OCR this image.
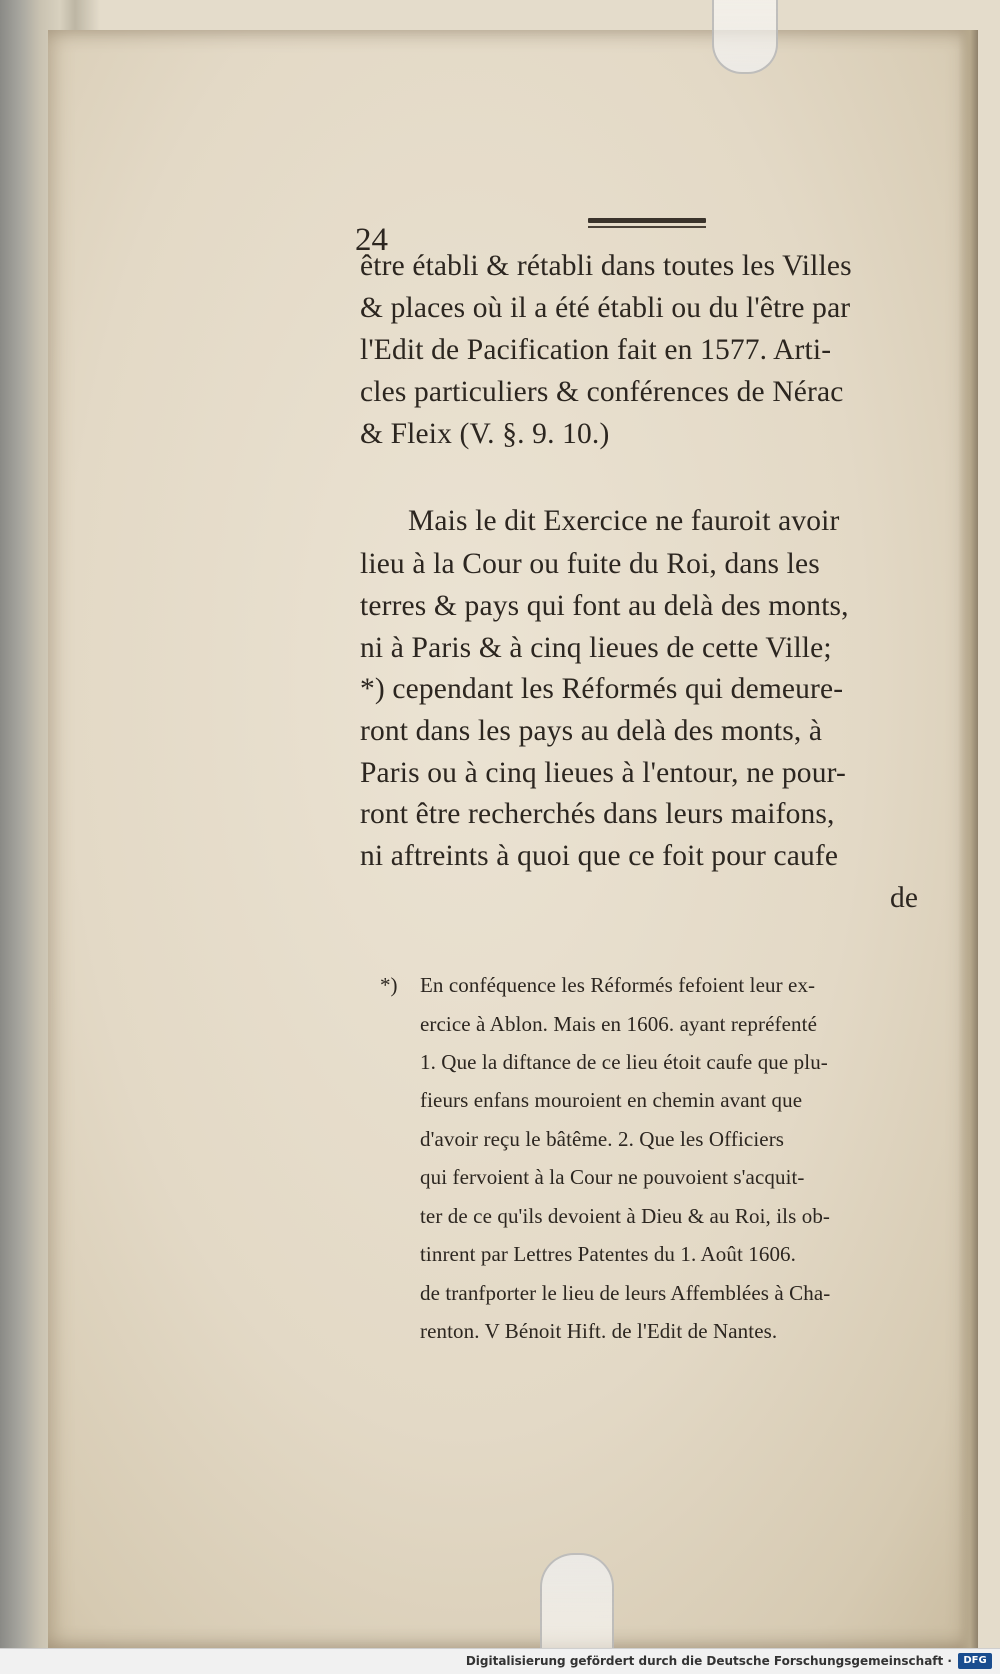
24
être établi & rétabli dans toutes les Villes
& places où il a été établi ou du l'être par
l'Edit de Pacification fait en 1577. Arti-
cles particuliers & conférences de Nérac
& Fleix (V. §. 9. 10.)
Mais le dit Exercice ne fauroit avoir
lieu à la Cour ou fuite du Roi, dans les
terres & pays qui font au delà des monts,
ni à Paris & à cinq lieues de cette Ville;
*) cependant les Réformés qui demeure-
ront dans les pays au delà des monts, à
Paris ou à cinq lieues à l'entour, ne pour-
ront être recherchés dans leurs maifons,
ni aftreints à quoi que ce foit pour caufe
de
*) En conféquence les Réformés fefoient leur ex-
ercice à Ablon. Mais en 1606. ayant repréfenté
1. Que la diftance de ce lieu étoit caufe que plu-
fieurs enfans mouroient en chemin avant que
d'avoir reçu le bâtême. 2. Que les Officiers
qui fervoient à la Cour ne pouvoient s'acquit-
ter de ce qu'ils devoient à Dieu & au Roi, ils ob-
tinrent par Lettres Patentes du 1. Août 1606.
de tranfporter le lieu de leurs Affemblées à Cha-
renton. V Bénoit Hift. de l'Edit de Nantes.
Digitalisierung gefördert durch die Deutsche Forschungsgemeinschaft ·	DFG
